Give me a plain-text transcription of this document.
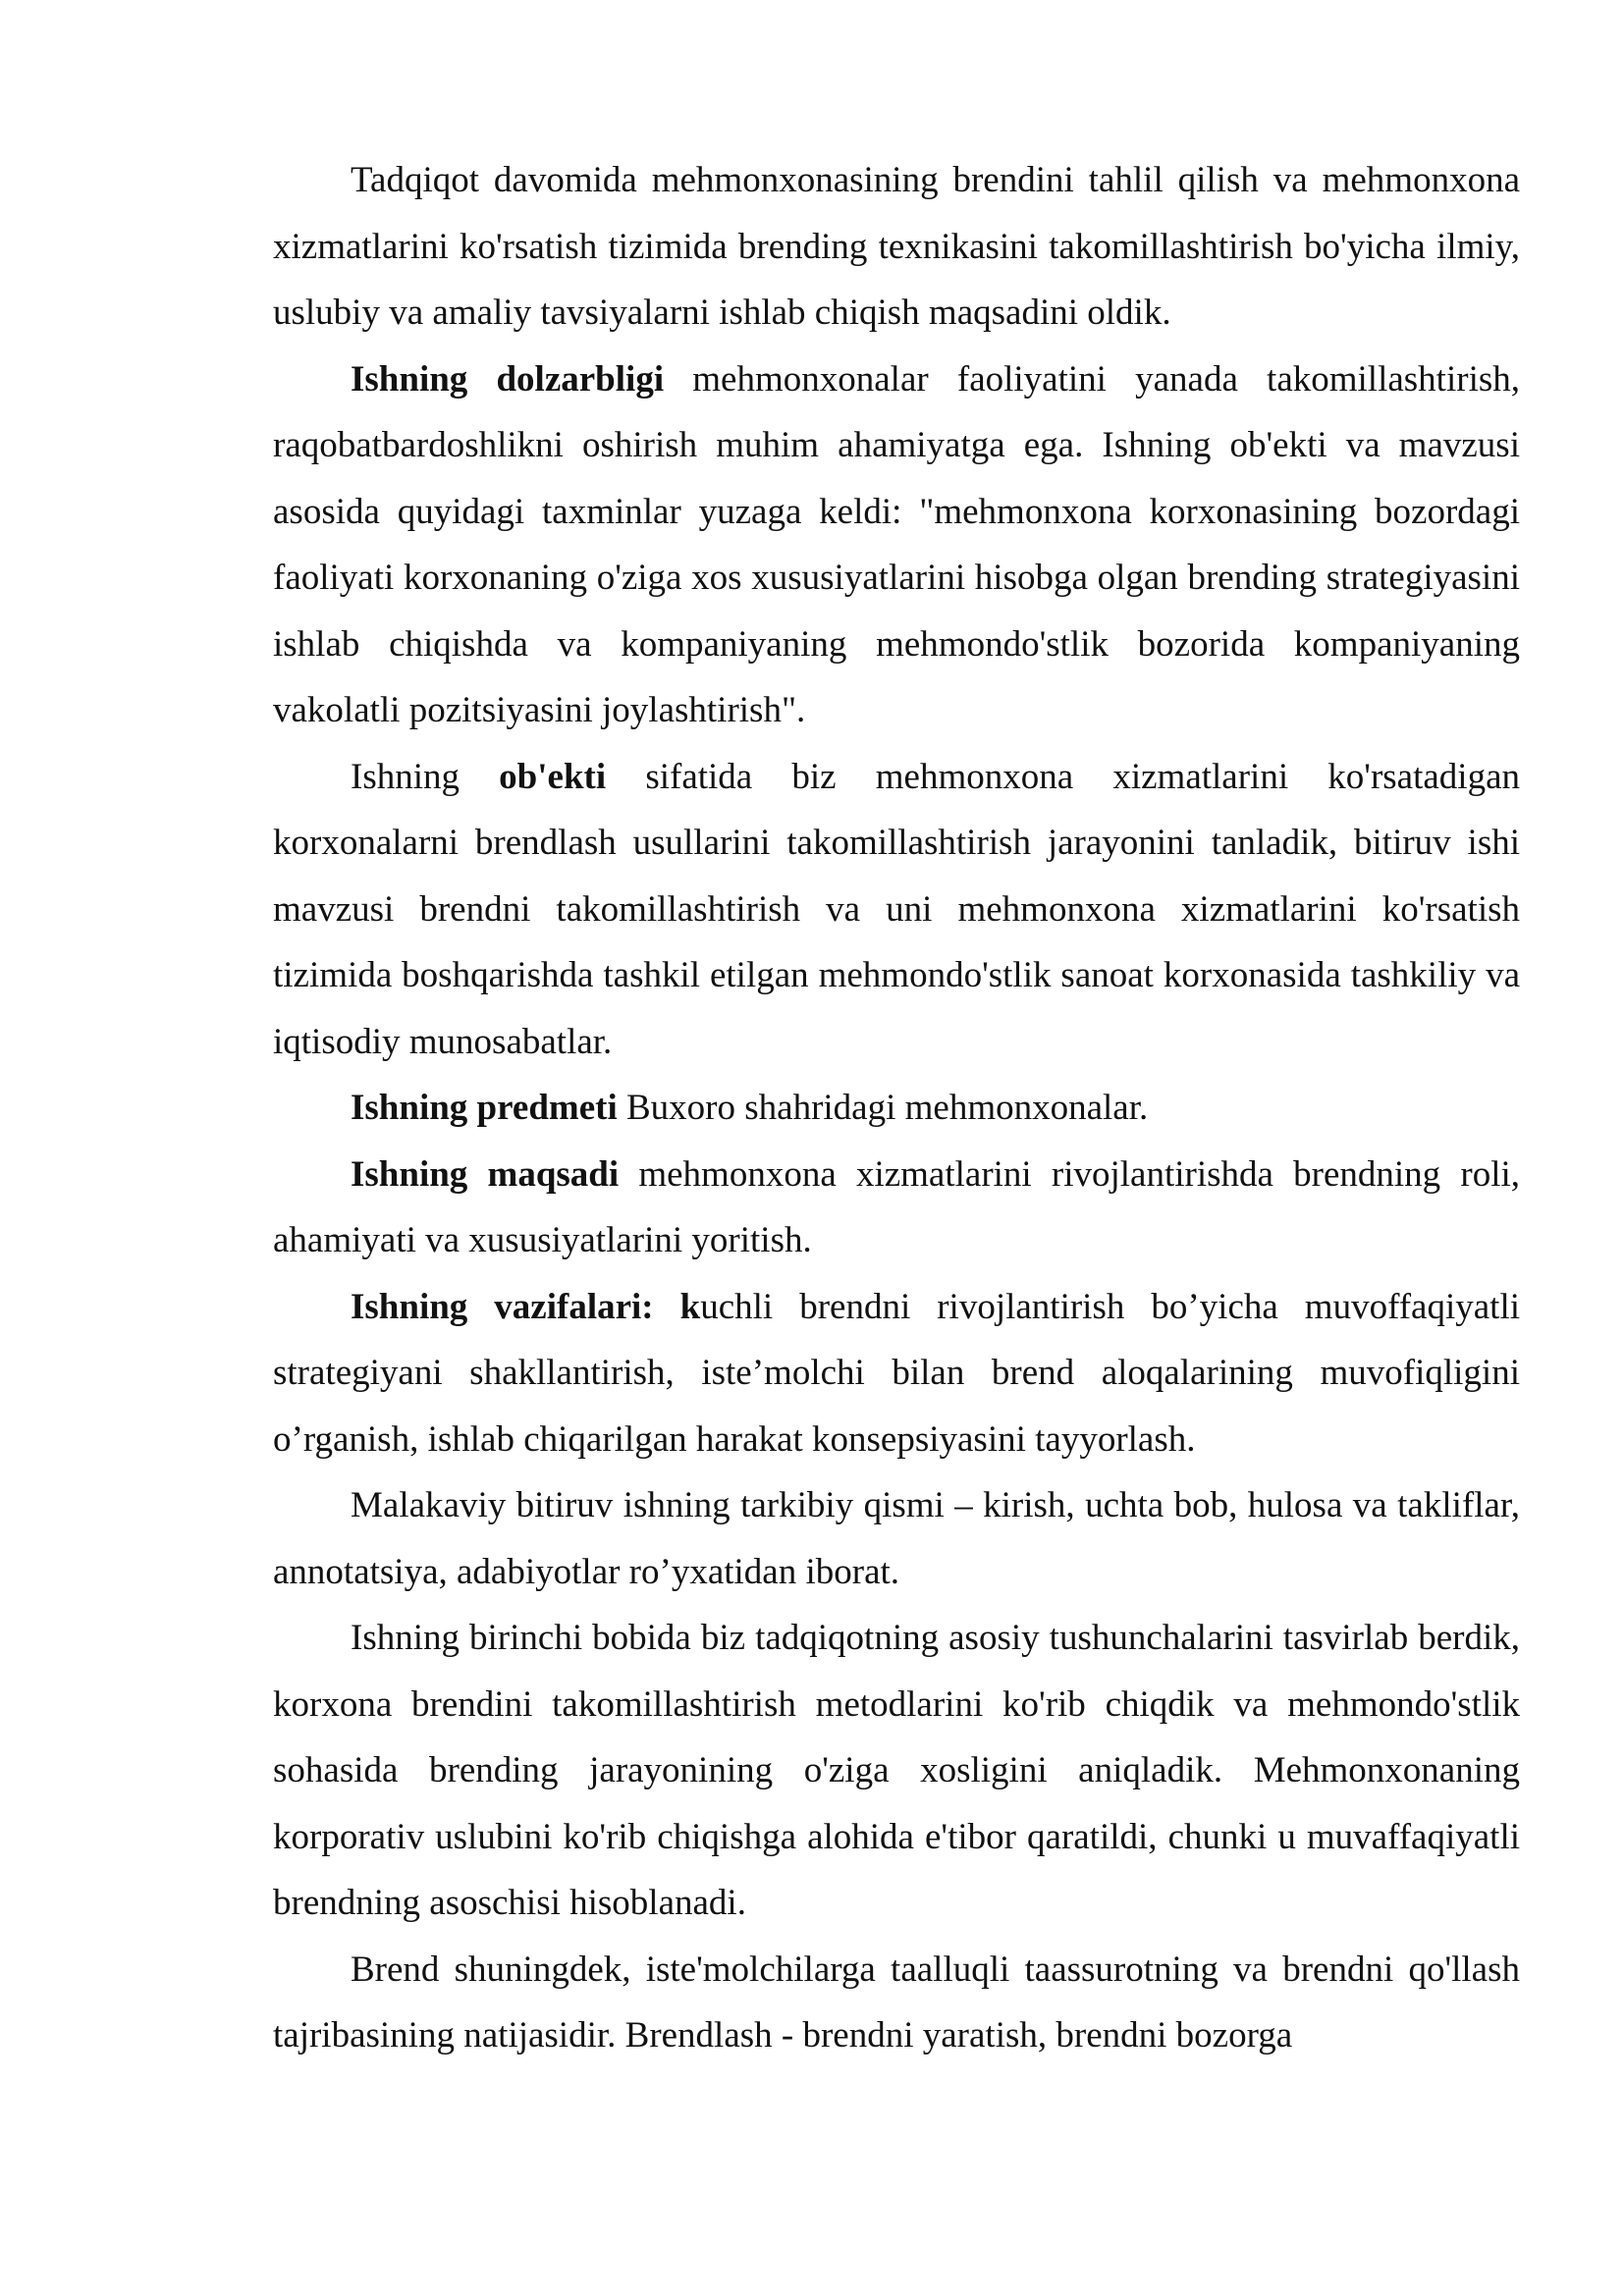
Tadqiqot davomida mehmonxonasining brendini tahlil qilish va mehmonxona xizmatlarini ko'rsatish tizimida brending texnikasini takomillashtirish bo'yicha ilmiy, uslubiy va amaliy tavsiyalarni ishlab chiqish maqsadini oldik.

Ishning dolzarbligi mehmonxonalar faoliyatini yanada takomillashtirish, raqobatbardoshlikni oshirish muhim ahamiyatga ega. Ishning ob'ekti va mavzusi asosida quyidagi taxminlar yuzaga keldi: "mehmonxona korxonasining bozordagi faoliyati korxonaning o'ziga xos xususiyatlarini hisobga olgan brending strategiyasini ishlab chiqishda va kompaniyaning mehmondo'stlik bozorida kompaniyaning vakolatli pozitsiyasini joylashtirish".

Ishning ob'ekti sifatida biz mehmonxona xizmatlarini ko'rsatadigan korxonalarni brendlash usullarini takomillashtirish jarayonini tanladik, bitiruv ishi mavzusi brendni takomillashtirish va uni mehmonxona xizmatlarini ko'rsatish tizimida boshqarishda tashkil etilgan mehmondo'stlik sanoat korxonasida tashkiliy va iqtisodiy munosabatlar.

Ishning predmeti Buxoro shahridagi mehmonxonalar.

Ishning maqsadi mehmonxona xizmatlarini rivojlantirishda brendning roli, ahamiyati va xususiyatlarini yoritish.

Ishning vazifalari: kuchli brendni rivojlantirish bo’yicha muvoffaqiyatli strategiyani shakllantirish, iste’molchi bilan brend aloqalarining muvofiqligini o’rganish, ishlab chiqarilgan harakat konsepsiyasini tayyorlash.

Malakaviy bitiruv ishning tarkibiy qismi – kirish, uchta bob, hulosa va takliflar, annotatsiya, adabiyotlar ro’yxatidan iborat.

Ishning birinchi bobida biz tadqiqotning asosiy tushunchalarini tasvirlab berdik, korxona brendini takomillashtirish metodlarini ko'rib chiqdik va mehmondo'stlik sohasida brending jarayonining o'ziga xosligini aniqladik. Mehmonxonaning korporativ uslubini ko'rib chiqishga alohida e'tibor qaratildi, chunki u muvaffaqiyatli brendning asoschisi hisoblanadi.

Brend shuningdek, iste'molchilarga taalluqli taassurotning va brendni qo'llash tajribasining natijasidir. Brendlash - brendni yaratish, brendni bozorga
